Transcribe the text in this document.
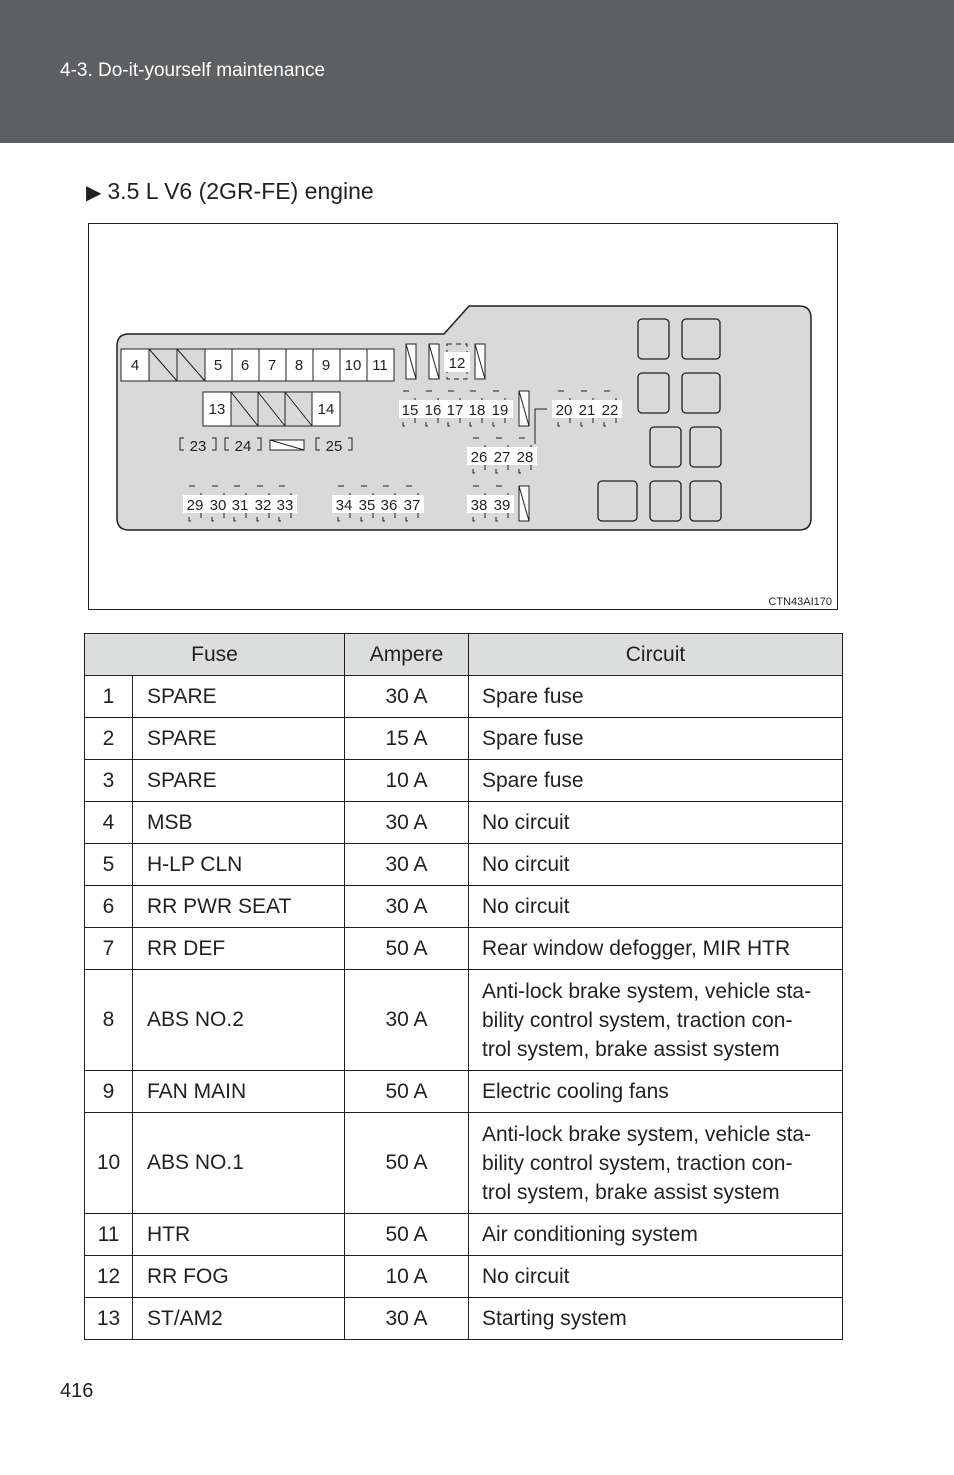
4-3. Do-it-yourself maintenance
▶ 3.5 L V6 (2GR-FE) engine
4	5 6 7 8 9 10 11	12
13	14	15 16 17 18 19	20 21 22
23 24	25
26 27 28
29 30 31 32 33	34 35 36 37	38 39
CTN43AI170
Fuse		Ampere	Circuit
1	SPARE	30 A	Spare fuse
2	SPARE	15 A	Spare fuse
3	SPARE	10 A	Spare fuse
4	MSB	30 A	No circuit
5	H-LP CLN	30 A	No circuit
6	RR PWR SEAT	30 A	No circuit
7	RR DEF	50 A	Rear window defogger, MIR HTR
8	ABS NO.2	30 A	Anti-lock brake system, vehicle sta-
bility control system, traction con-
trol system, brake assist system

9	FAN MAIN	50 A	Electric cooling fans
10	ABS NO.1	50 A	Anti-lock brake system, vehicle sta-
bility control system, traction con-
trol system, brake assist system

11	HTR	50 A	Air conditioning system
12	RR FOG	10 A	No circuit
13	ST/AM2	30 A	Starting system
416
